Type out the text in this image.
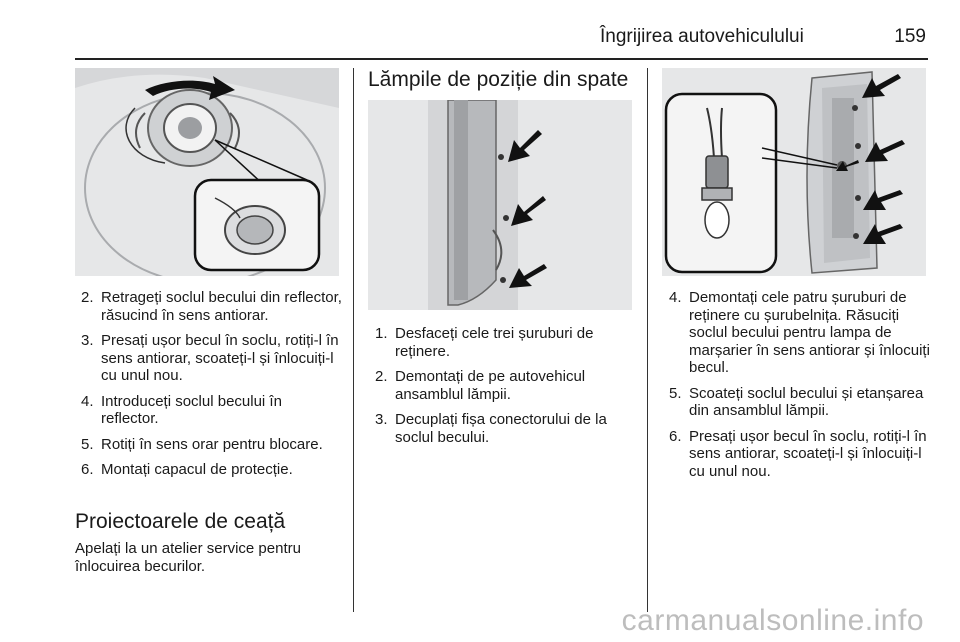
Îngrijirea autovehiculului	159
2. Retrageți soclul becului din reflector, răsucind în sens antiorar.
3. Presați ușor becul în soclu, rotiți-l în sens antiorar, scoateți-l și înlocuiți-l cu unul nou.
4. Introduceți soclul becului în reflector.
5. Rotiți în sens orar pentru blocare.
6. Montați capacul de protecție.
Proiectoarele de ceață

Apelați la un atelier service pentru înlocuirea becurilor.

Lămpile de poziție din spate
1. Desfaceți cele trei șuruburi de reținere.
2. Demontați de pe autovehicul ansamblul lămpii.
3. Decuplați fișa conectorului de la soclul becului.
4. Demontați cele patru șuruburi de reținere cu șurubelnița. Răsuciți soclul becului pentru lampa de marșarier în sens antiorar și înlocuiți becul.
5. Scoateți soclul becului și etanșarea din ansamblul lămpii.
6. Presați ușor becul în soclu, rotiți-l în sens antiorar, scoateți-l și înlocuiți-l cu unul nou.
carmanualsonline.info
